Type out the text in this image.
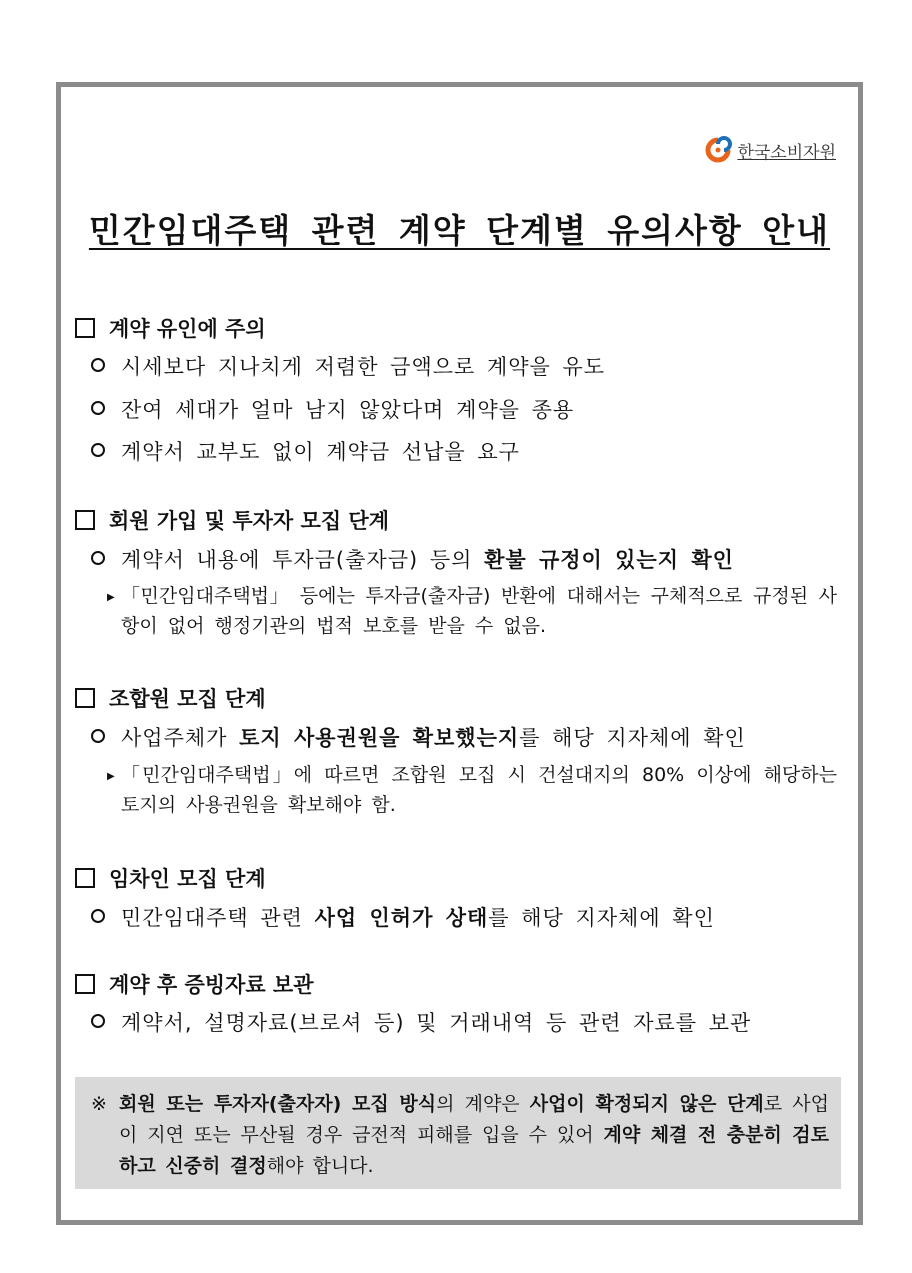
한국소비자원
민간임대주택 관련 계약 단계별 유의사항 안내
계약 유인에 주의
시세보다 지나치게 저렴한 금액으로 계약을 유도
잔여 세대가 얼마 남지 않았다며 계약을 종용
계약서 교부도 없이 계약금 선납을 요구
회원 가입 및 투자자 모집 단계
계약서 내용에 투자금(출자금) 등의 환불 규정이 있는지 확인
▶ 「민간임대주택법」 등에는 투자금(출자금) 반환에 대해서는 구체적으로 규정된 사항이 없어 행정기관의 법적 보호를 받을 수 없음.
조합원 모집 단계
사업주체가 토지 사용권원을 확보했는지를 해당 지자체에 확인
▶ 「민간임대주택법」에 따르면 조합원 모집 시 건설대지의 80% 이상에 해당하는 토지의 사용권원을 확보해야 함.
임차인 모집 단계
민간임대주택 관련 사업 인허가 상태를 해당 지자체에 확인
계약 후 증빙자료 보관
계약서, 설명자료(브로셔 등) 및 거래내역 등 관련 자료를 보관
※ 회원 또는 투자자(출자자) 모집 방식의 계약은 사업이 확정되지 않은 단계로 사업이 지연 또는 무산될 경우 금전적 피해를 입을 수 있어 계약 체결 전 충분히 검토하고 신중히 결정해야 합니다.
